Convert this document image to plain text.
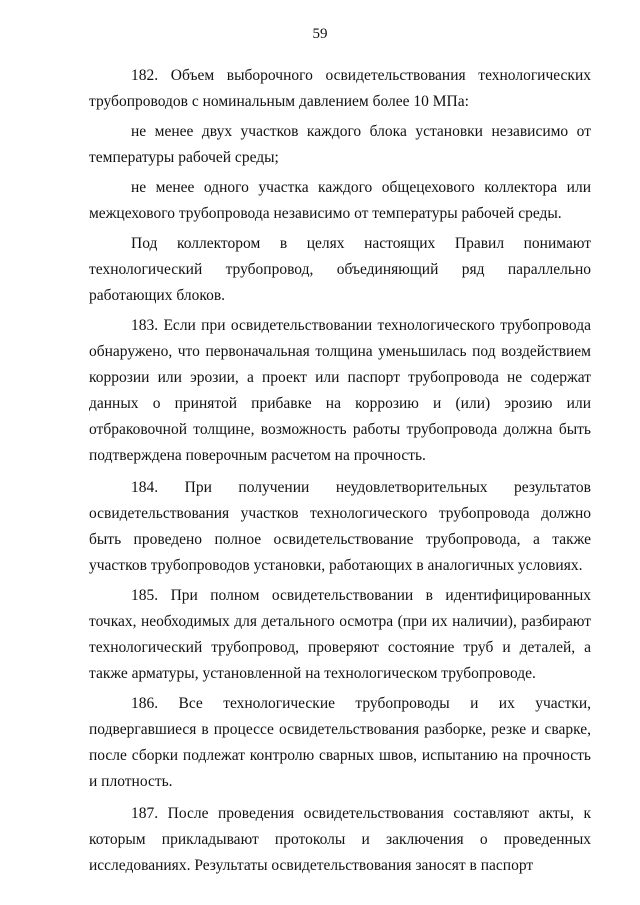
59

182. Объем выборочного освидетельствования технологических трубопроводов с номинальным давлением более 10 МПа:

не менее двух участков каждого блока установки независимо от температуры рабочей среды;

не менее одного участка каждого общецехового коллектора или межцехового трубопровода независимо от температуры рабочей среды.

Под коллектором в целях настоящих Правил понимают технологический трубопровод, объединяющий ряд параллельно работающих блоков.

183. Если при освидетельствовании технологического трубопровода обнаружено, что первоначальная толщина уменьшилась под воздействием коррозии или эрозии, а проект или паспорт трубопровода не содержат данных о принятой прибавке на коррозию и (или) эрозию или отбраковочной толщине, возможность работы трубопровода должна быть подтверждена поверочным расчетом на прочность.

184. При получении неудовлетворительных результатов освидетельствования участков технологического трубопровода должно быть проведено полное освидетельствование трубопровода, а также участков трубопроводов установки, работающих в аналогичных условиях.

185. При полном освидетельствовании в идентифицированных точках, необходимых для детального осмотра (при их наличии), разбирают технологический трубопровод, проверяют состояние труб и деталей, а также арматуры, установленной на технологическом трубопроводе.

186. Все технологические трубопроводы и их участки, подвергавшиеся в процессе освидетельствования разборке, резке и сварке, после сборки подлежат контролю сварных швов, испытанию на прочность и плотность.

187. После проведения освидетельствования составляют акты, к которым прикладывают протоколы и заключения о проведенных исследованиях. Результаты освидетельствования заносят в паспорт
